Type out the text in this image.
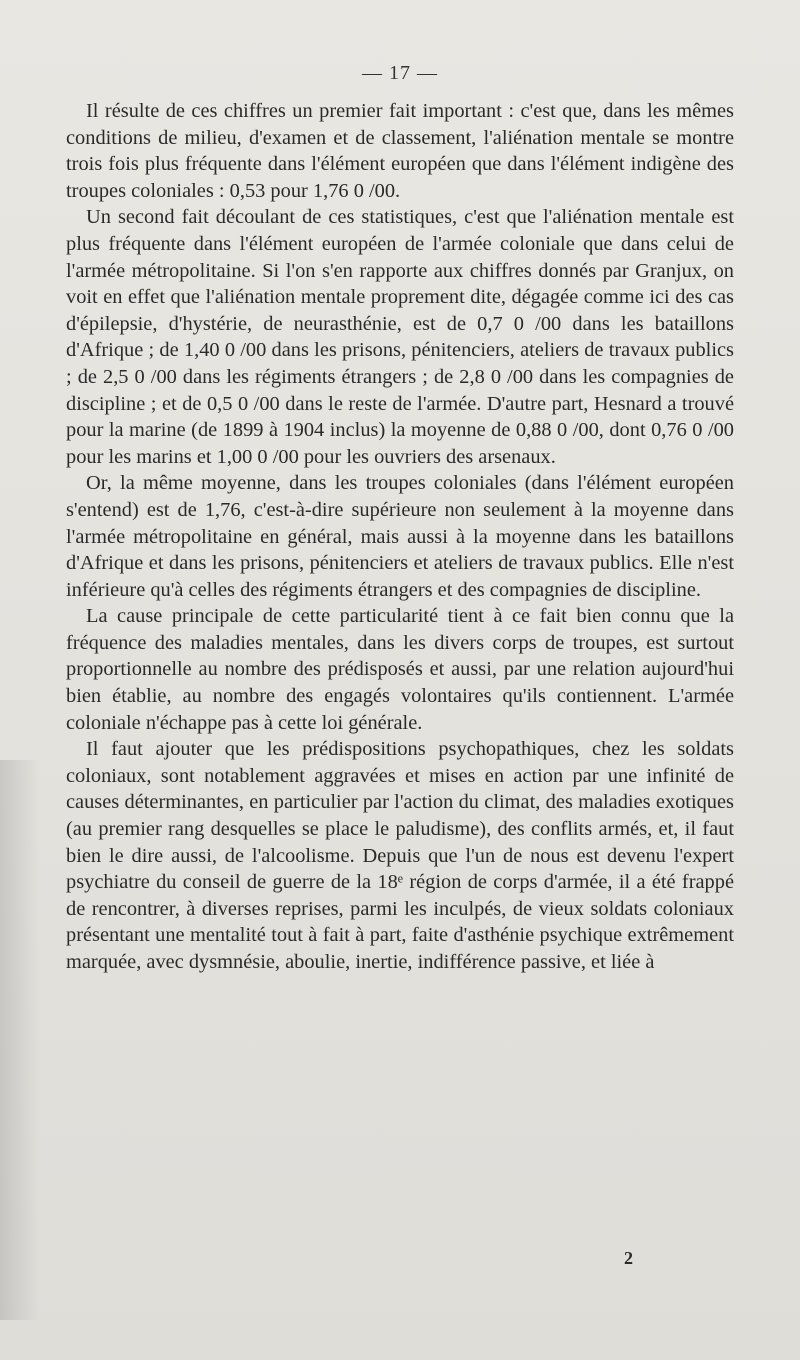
— 17 —

Il résulte de ces chiffres un premier fait important : c'est que, dans les mêmes conditions de milieu, d'examen et de classement, l'aliénation mentale se montre trois fois plus fréquente dans l'élément européen que dans l'élément indigène des troupes coloniales : 0,53 pour 1,76 0 /00.

Un second fait découlant de ces statistiques, c'est que l'aliénation mentale est plus fréquente dans l'élément européen de l'armée coloniale que dans celui de l'armée métropolitaine. Si l'on s'en rapporte aux chiffres donnés par Granjux, on voit en effet que l'aliénation mentale proprement dite, dégagée comme ici des cas d'épilepsie, d'hystérie, de neurasthénie, est de 0,7 0 /00 dans les bataillons d'Afrique ; de 1,40 0 /00 dans les prisons, pénitenciers, ateliers de travaux publics ; de 2,5 0 /00 dans les régiments étrangers ; de 2,8 0 /00 dans les compagnies de discipline ; et de 0,5 0 /00 dans le reste de l'armée. D'autre part, Hesnard a trouvé pour la marine (de 1899 à 1904 inclus) la moyenne de 0,88 0 /00, dont 0,76 0 /00 pour les marins et 1,00 0 /00 pour les ouvriers des arsenaux.

Or, la même moyenne, dans les troupes coloniales (dans l'élément européen s'entend) est de 1,76, c'est-à-dire supérieure non seulement à la moyenne dans l'armée métropolitaine en général, mais aussi à la moyenne dans les bataillons d'Afrique et dans les prisons, pénitenciers et ateliers de travaux publics. Elle n'est inférieure qu'à celles des régiments étrangers et des compagnies de discipline.

La cause principale de cette particularité tient à ce fait bien connu que la fréquence des maladies mentales, dans les divers corps de troupes, est surtout proportionnelle au nombre des prédisposés et aussi, par une relation aujourd'hui bien établie, au nombre des engagés volontaires qu'ils contiennent. L'armée coloniale n'échappe pas à cette loi générale.

Il faut ajouter que les prédispositions psychopathiques, chez les soldats coloniaux, sont notablement aggravées et mises en action par une infinité de causes déterminantes, en particulier par l'action du climat, des maladies exotiques (au premier rang desquelles se place le paludisme), des conflits armés, et, il faut bien le dire aussi, de l'alcoolisme. Depuis que l'un de nous est devenu l'expert psychiatre du conseil de guerre de la 18ᵉ région de corps d'armée, il a été frappé de rencontrer, à diverses reprises, parmi les inculpés, de vieux soldats coloniaux présentant une mentalité tout à fait à part, faite d'asthénie psychique extrêmement marquée, avec dysmnésie, aboulie, inertie, indifférence passive, et liée à

2
